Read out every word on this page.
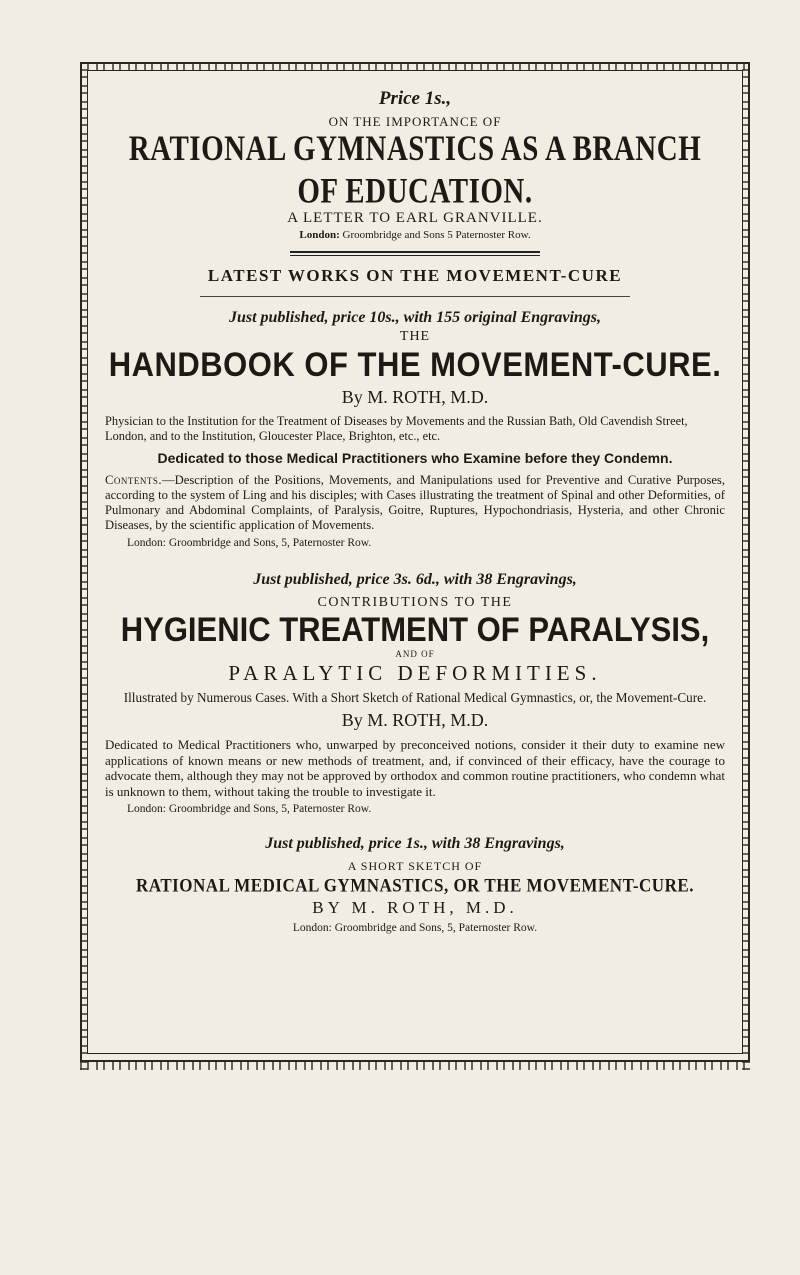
Price 1s.,

ON THE IMPORTANCE OF

RATIONAL GYMNASTICS AS A BRANCH OF EDUCATION.

A LETTER TO EARL GRANVILLE.

London: Groombridge and Sons 5 Paternoster Row.

LATEST WORKS ON THE MOVEMENT-CURE

Just published, price 10s., with 155 original Engravings,

THE

HANDBOOK OF THE MOVEMENT-CURE.

By M. ROTH, M.D.

Physician to the Institution for the Treatment of Diseases by Movements and the Russian Bath, Old Cavendish Street, London, and to the Institution, Gloucester Place, Brighton, etc., etc.

Dedicated to those Medical Practitioners who Examine before they Condemn.

Contents.—Description of the Positions, Movements, and Manipulations used for Preventive and Curative Purposes, according to the system of Ling and his disciples; with Cases illustrating the treatment of Spinal and other Deformities, of Pulmonary and Abdominal Complaints, of Paralysis, Goitre, Ruptures, Hypochondriasis, Hysteria, and other Chronic Diseases, by the scientific application of Movements.

London: Groombridge and Sons, 5, Paternoster Row.

Just published, price 3s. 6d., with 38 Engravings,

CONTRIBUTIONS TO THE

HYGIENIC TREATMENT OF PARALYSIS,

AND OF

PARALYTIC DEFORMITIES.

Illustrated by Numerous Cases. With a Short Sketch of Rational Medical Gymnastics, or, the Movement-Cure.

By M. ROTH, M.D.

Dedicated to Medical Practitioners who, unwarped by preconceived notions, consider it their duty to examine new applications of known means or new methods of treatment, and, if convinced of their efficacy, have the courage to advocate them, although they may not be approved by orthodox and common routine practitioners, who condemn what is unknown to them, without taking the trouble to investigate it.

London: Groombridge and Sons, 5, Paternoster Row.

Just published, price 1s., with 38 Engravings,

A SHORT SKETCH OF

RATIONAL MEDICAL GYMNASTICS, OR THE MOVEMENT-CURE.

BY M. ROTH, M.D.

London: Groombridge and Sons, 5, Paternoster Row.
